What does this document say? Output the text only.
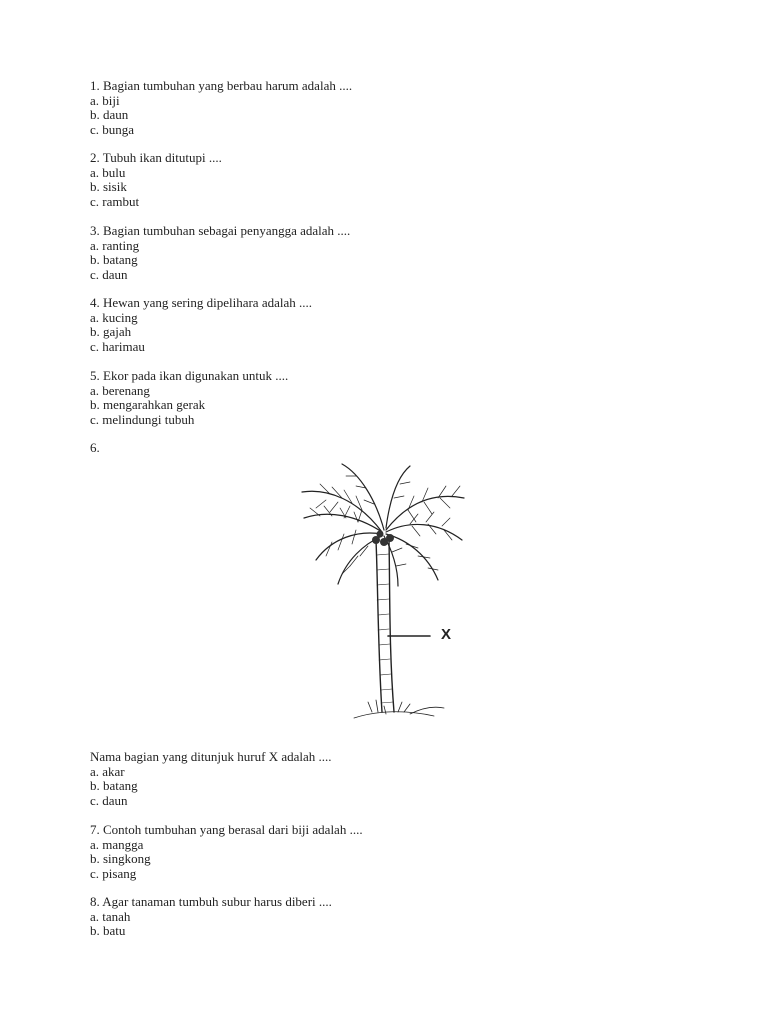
1. Bagian tumbuhan yang berbau harum adalah ....
a. biji
b. daun
c. bunga
2. Tubuh ikan ditutupi ....
a. bulu
b. sisik
c. rambut
3. Bagian tumbuhan sebagai penyangga adalah ....
a. ranting
b. batang
c. daun
4. Hewan yang sering dipelihara adalah ....
a. kucing
b. gajah
c. harimau
5. Ekor pada ikan digunakan untuk ....
a. berenang
b. mengarahkan gerak
c. melindungi tubuh
6.
X
Nama bagian yang ditunjuk huruf X adalah ....
a. akar
b. batang
c. daun
7. Contoh tumbuhan yang berasal dari biji adalah ....
a. mangga
b. singkong
c. pisang
8. Agar tanaman tumbuh subur harus diberi ....
a. tanah
b. batu
